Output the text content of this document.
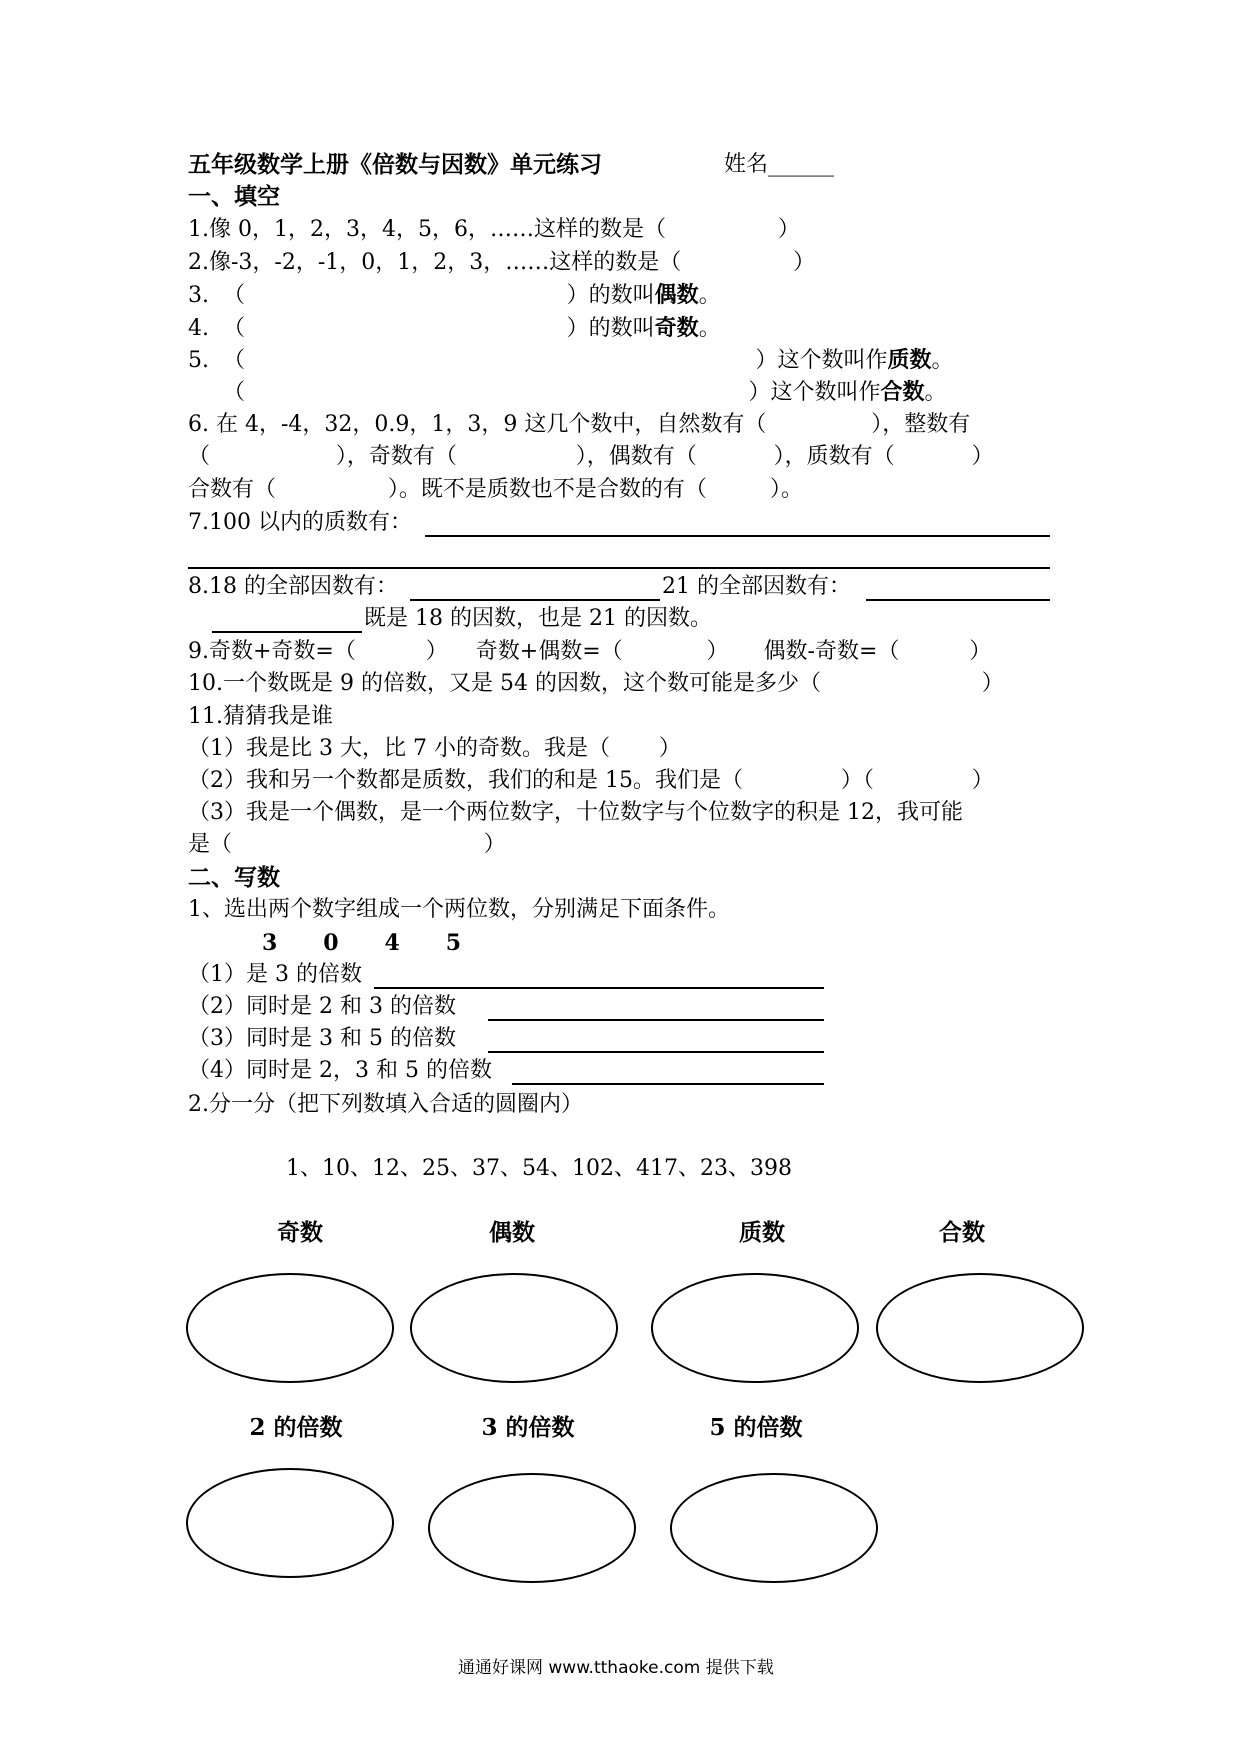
五年级数学上册《倍数与因数》单元练习	姓名______
一、填空
1.像 0，1，2，3，4，5，6，……这样的数是（                ）
2.像-3，-2，-1，0，1，2，3，……这样的数是（                ）
3.  （                                              ）的数叫偶数。
4.  （                                              ）的数叫奇数。
5.  （                                                                         ）这个数叫作质数。
（                                                                        ）这个数叫作合数。
6. 在 4，-4，32，0.9，1，3，9 这几个数中，自然数有（               ），整数有
（                  ），奇数有（                 ），偶数有（           ），质数有（           ）
合数有（                ）。既不是质数也不是合数的有（         ）。
7.100 以内的质数有：
8.18 的全部因数有：	21 的全部因数有：
既是 18 的因数，也是 21 的因数。
9.奇数+奇数=（          ）    奇数+偶数=（            ）     偶数-奇数=（          ）
10.一个数既是 9 的倍数，又是 54 的因数，这个数可能是多少（                       ）
11.猜猜我是谁
（1）我是比 3 大，比 7 小的奇数。我是（       ）
（2）我和另一个数都是质数，我们的和是 15。我们是（              ）（              ）
（3）我是一个偶数，是一个两位数字，十位数字与个位数字的积是 12，我可能
是（                                    ）
二、写数
1、选出两个数字组成一个两位数，分别满足下面条件。
3      0      4      5
（1）是 3 的倍数
（2）同时是 2 和 3 的倍数
（3）同时是 3 和 5 的倍数
（4）同时是 2，3 和 5 的倍数
2.分一分（把下列数填入合适的圆圈内）
1、10、12、25、37、54、102、417、23、398
奇数	偶数	质数	合数
2 的倍数	3 的倍数	5 的倍数
通通好课网 www.tthaoke.com 提供下载
